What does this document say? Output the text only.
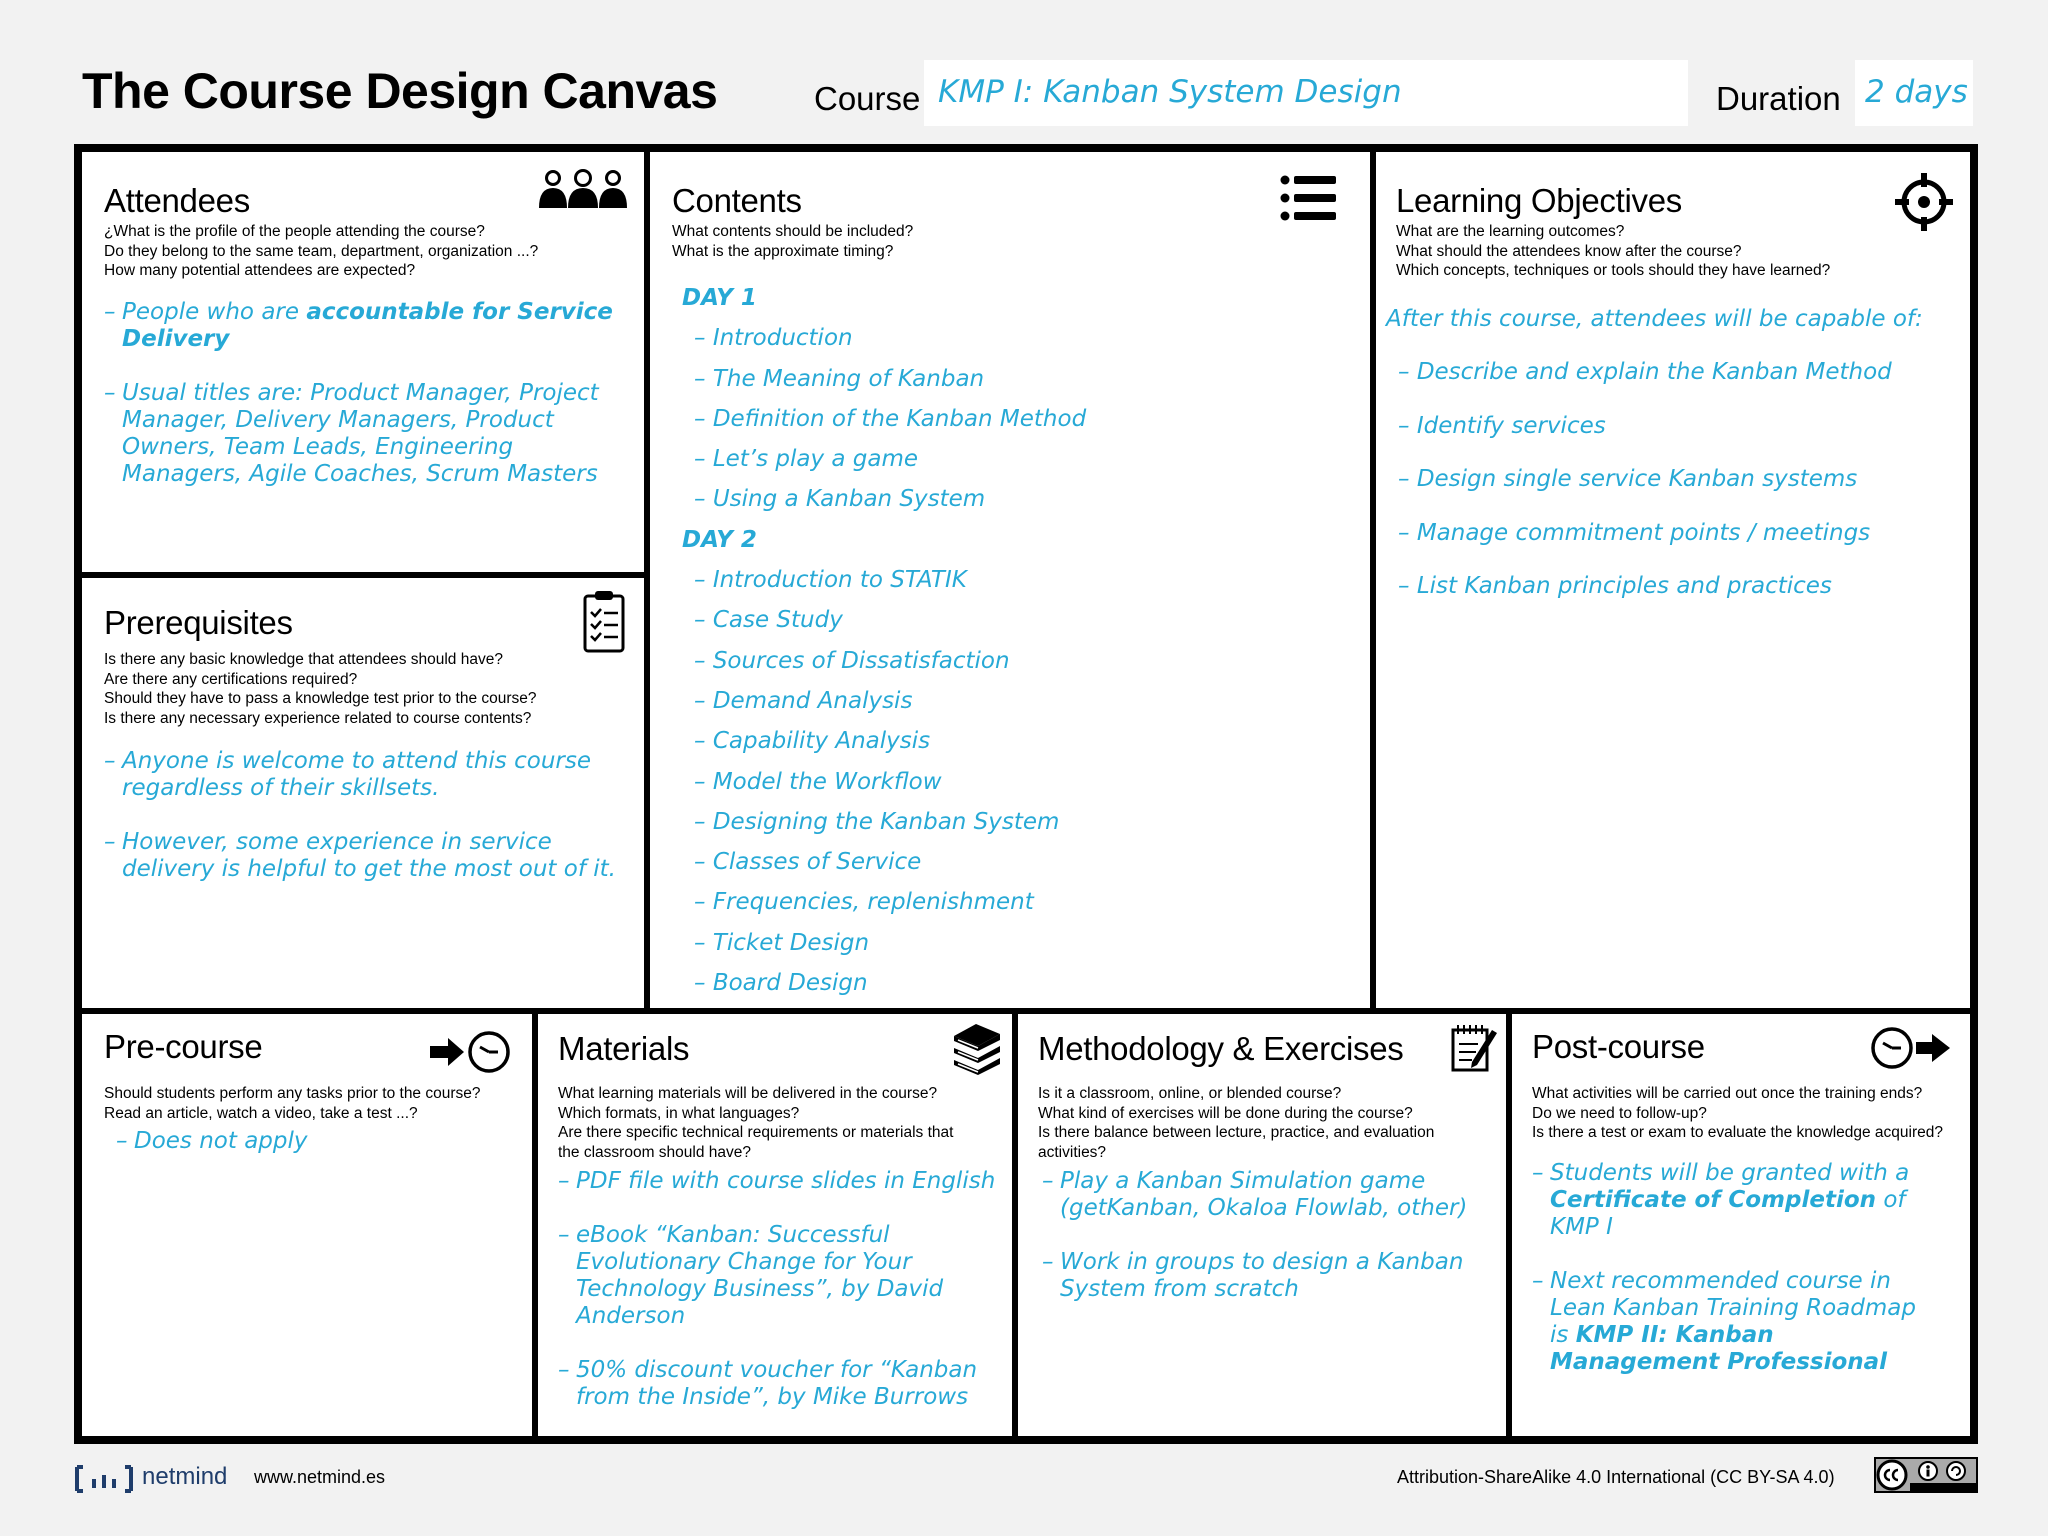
The Course Design Canvas	Course KMP I: Kanban System Design	Duration 2 days
Attendees
¿What is the profile of the people attending the course?
Do they belong to the same team, department, organization ...?
How many potential attendees are expected?
– People who are accountable for Service Delivery
– Usual titles are: Product Manager, Project Manager, Delivery Managers, Product Owners, Team Leads, Engineering Managers, Agile Coaches, Scrum Masters
Prerequisites
Is there any basic knowledge that attendees should have?
Are there any certifications required?
Should they have to pass a knowledge test prior to the course?
Is there any necessary experience related to course contents?
– Anyone is welcome to attend this course regardless of their skillsets.
– However, some experience in service delivery is helpful to get the most out of it.
Contents
What contents should be included?
What is the approximate timing?
DAY 1
– Introduction
– The Meaning of Kanban
– Definition of the Kanban Method
– Let’s play a game
– Using a Kanban System
DAY 2
– Introduction to STATIK
– Case Study
– Sources of Dissatisfaction
– Demand Analysis
– Capability Analysis
– Model the Workflow
– Designing the Kanban System
– Classes of Service
– Frequencies, replenishment
– Ticket Design
– Board Design
Learning Objectives
What are the learning outcomes?
What should the attendees know after the course?
Which concepts, techniques or tools should they have learned?
After this course, attendees will be capable of:
– Describe and explain the Kanban Method
– Identify services
– Design single service Kanban systems
– Manage commitment points / meetings
– List Kanban principles and practices
Pre-course
Should students perform any tasks prior to the course?
Read an article, watch a video, take a test ...?
– Does not apply
Materials
What learning materials will be delivered in the course?
Which formats, in what languages?
Are there specific technical requirements or materials that
the classroom should have?
– PDF file with course slides in English
– eBook “Kanban: Successful Evolutionary Change for Your Technology Business”, by David Anderson
– 50% discount voucher for “Kanban from the Inside”, by Mike Burrows
Methodology & Exercises
Is it a classroom, online, or blended course?
What kind of exercises will be done during the course?
Is there balance between lecture, practice, and evaluation
activities?
– Play a Kanban Simulation game (getKanban, Okaloa Flowlab, other)
– Work in groups to design a Kanban System from scratch
Post-course
What activities will be carried out once the training ends?
Do we need to follow-up?
Is there a test or exam to evaluate the knowledge acquired?
– Students will be granted with a Certificate of Completion of KMP I
– Next recommended course in Lean Kanban Training Roadmap is KMP II: Kanban Management Professional
netmind www.netmind.es	Attribution-ShareAlike 4.0 International (CC BY-SA 4.0)
